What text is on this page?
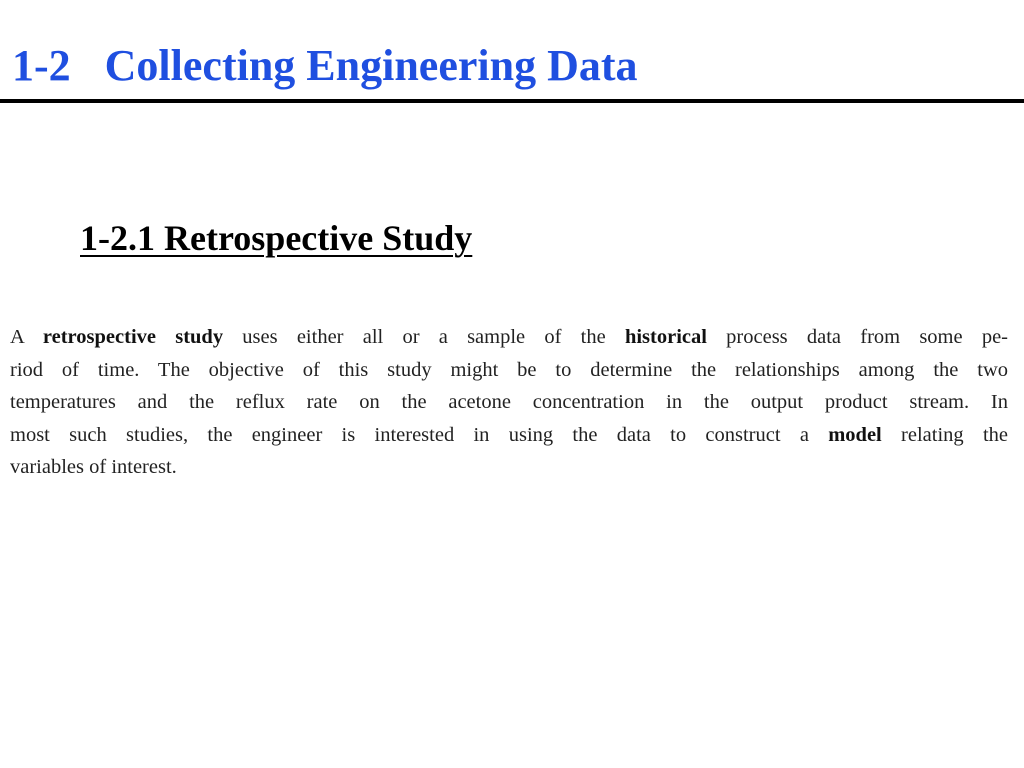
1-2 Collecting Engineering Data
1-2.1 Retrospective Study

A retrospective study uses either all or a sample of the historical process data from some pe-
riod of time. The objective of this study might be to determine the relationships among the two
temperatures and the reflux rate on the acetone concentration in the output product stream. In
most such studies, the engineer is interested in using the data to construct a model relating the
variables of interest.
